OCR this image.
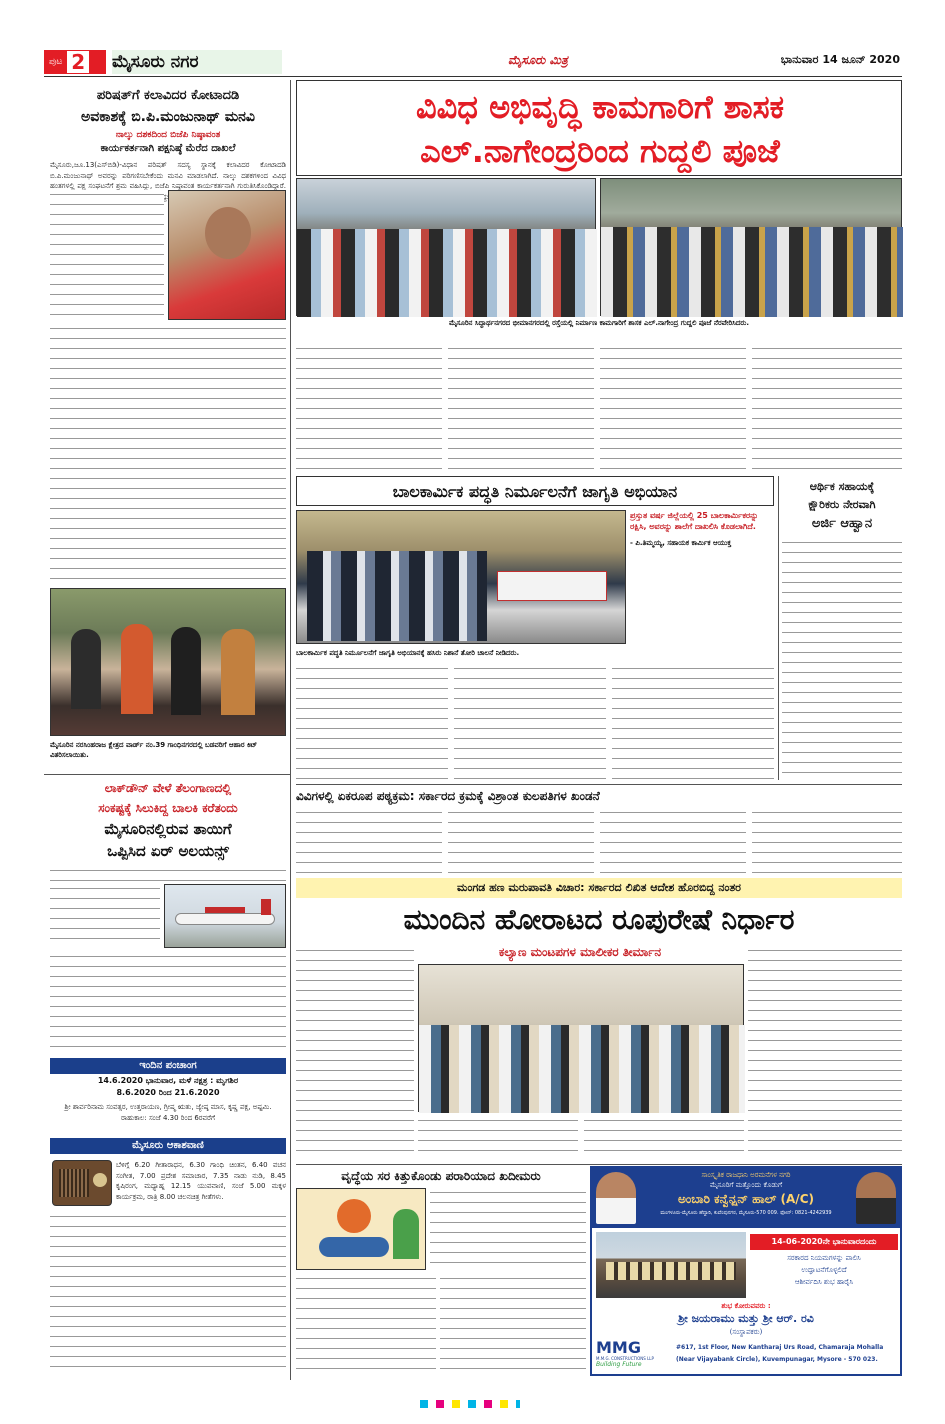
ಪುಟ 2 ಮೈಸೂರು ನಗರ	ಮೈಸೂರು ಮಿತ್ರ	ಭಾನುವಾರ 14 ಜೂನ್ 2020
ಪರಿಷತ್‌ಗೆ ಕಲಾವಿದರ ಕೋಟಾದಡಿ
ಅವಕಾಶಕ್ಕೆ ಬಿ.ಪಿ.ಮಂಜುನಾಥ್ ಮನವಿ
ನಾಲ್ಕು ದಶಕದಿಂದ ಬಿಜೆಪಿ ನಿಷ್ಠಾವಂತ
ಕಾರ್ಯಕರ್ತನಾಗಿ ಪಕ್ಷನಿಷ್ಠೆ ಮೆರೆದ ದಾಖಲೆ
ಮೈಸೂರು,ಜೂ.13(ಎಸ್‌ಬಿಡಿ)-ವಿಧಾನ ಪರಿಷತ್ ಸದಸ್ಯ ಸ್ಥಾನಕ್ಕೆ ಕಲಾವಿದರ ಕೋಟಾದಡಿ ಬಿ.ಪಿ.ಮಂಜುನಾಥ್ ಅವರನ್ನು ಪರಿಗಣಿಸಬೇಕೆಂದು ಮನವಿ ಮಾಡಲಾಗಿದೆ. ನಾಲ್ಕು ದಶಕಗಳಿಂದ ವಿವಿಧ ಹಂತಗಳಲ್ಲಿ ಪಕ್ಷ ಸಂಘಟನೆಗೆ ಶ್ರಮ ವಹಿಸಿದ್ದು, ಬಿಜೆಪಿ ನಿಷ್ಠಾವಂತ ಕಾರ್ಯಕರ್ತನಾಗಿ ಗುರುತಿಸಿಕೊಂಡಿದ್ದಾರೆ.
ಮೈಸೂರಿನ ನರಸಿಂಹರಾಜ ಕ್ಷೇತ್ರದ ವಾರ್ಡ್ ನಂ.39 ಗಾಂಧಿನಗರದಲ್ಲಿ ಬಡವರಿಗೆ ಆಹಾರ ಕಿಟ್ ವಿತರಿಸಲಾಯಿತು.
ಲಾಕ್‌ಡೌನ್ ವೇಳೆ ತೆಲಂಗಾಣದಲ್ಲಿ
ಸಂಕಷ್ಟಕ್ಕೆ ಸಿಲುಕಿದ್ದ ಬಾಲಕಿ ಕರೆತಂದು
ಮೈಸೂರಿನಲ್ಲಿರುವ ತಾಯಿಗೆ
ಒಪ್ಪಿಸಿದ ಏರ್ ಅಲಯನ್ಸ್
ಇಂದಿನ ಪಂಚಾಂಗ
14.6.2020 ಭಾನುವಾರ, ಮಳೆ ನಕ್ಷತ್ರ : ಮೃಗಶಿರ
8.6.2020 ರಿಂದ 21.6.2020
ಶ್ರೀ ಶಾರ್ವರಿನಾಮ ಸಂವತ್ಸರ, ಉತ್ತರಾಯಣ, ಗ್ರೀಷ್ಮ ಋತು, ಜ್ಯೇಷ್ಠ ಮಾಸ, ಕೃಷ್ಣ ಪಕ್ಷ, ಅಷ್ಟಮಿ. ರಾಹುಕಾಲ: ಸಂಜೆ 4.30 ರಿಂದ 6ರವರೆಗೆ
ಮೈಸೂರು ಆಕಾಶವಾಣಿ
ಬೆಳಿಗ್ಗೆ 6.20 ಗೀತಾರಾಧನ, 6.30 ಗಾಂಧಿ ಚಿಂತನ, 6.40 ವಚನ ಸಂಗೀತ, 7.00 ಪ್ರದೇಶ ಸಮಾಚಾರ, 7.35 ನಾಡು ನುಡಿ, 8.45 ಕೃಷಿರಂಗ, ಮಧ್ಯಾಹ್ನ 12.15 ಯುವವಾಣಿ, ಸಂಜೆ 5.00 ಮಕ್ಕಳ ಕಾರ್ಯಕ್ರಮ, ರಾತ್ರಿ 8.00 ಚಲನಚಿತ್ರ ಗೀತೆಗಳು.
ವಿವಿಧ ಅಭಿವೃದ್ಧಿ ಕಾಮಗಾರಿಗೆ ಶಾಸಕ
ಎಲ್.ನಾಗೇಂದ್ರರಿಂದ ಗುದ್ದಲಿ ಪೂಜೆ
ಮೈಸೂರಿನ ಸಿದ್ಧಾರ್ಥನಗರದ ಭೀಮಾನಗರದಲ್ಲಿ ರಸ್ತೆಯಲ್ಲಿ ನಿರ್ಮಾಣ ಕಾಮಗಾರಿಗೆ ಶಾಸಕ ಎಲ್.ನಾಗೇಂದ್ರ ಗುದ್ದಲಿ ಪೂಜೆ ನೆರವೇರಿಸಿದರು.
ಬಾಲಕಾರ್ಮಿಕ ಪದ್ಧತಿ ನಿರ್ಮೂಲನೆಗೆ ಜಾಗೃತಿ ಅಭಿಯಾನ
ಪ್ರಸ್ತುತ ವರ್ಷ ಜಿಲ್ಲೆಯಲ್ಲಿ 25 ಬಾಲಕಾರ್ಮಿಕರನ್ನು ರಕ್ಷಿಸಿ, ಅವರನ್ನು ಶಾಲೆಗೆ ದಾಖಲಿಸಿ ಕೊಡಲಾಗಿದೆ.
- ಪಿ.ತಿಮ್ಮಯ್ಯ, ಸಹಾಯಕ ಕಾರ್ಮಿಕ ಆಯುಕ್ತ
ಬಾಲಕಾರ್ಮಿಕ ಪದ್ಧತಿ ನಿರ್ಮೂಲನೆಗೆ ಜಾಗೃತಿ ಅಭಿಯಾನಕ್ಕೆ ಹಸಿರು ನಿಶಾನೆ ತೋರಿ ಚಾಲನೆ ನೀಡಿದರು.
ಆರ್ಥಿಕ ಸಹಾಯಕ್ಕೆ
ಕ್ಷೌರಿಕರು ನೇರವಾಗಿ
ಅರ್ಜಿ ಆಹ್ವಾನ
ವಿವಿಗಳಲ್ಲಿ ಏಕರೂಪ ಪಠ್ಯಕ್ರಮ: ಸರ್ಕಾರದ ಕ್ರಮಕ್ಕೆ ವಿಶ್ರಾಂತ ಕುಲಪತಿಗಳ ಖಂಡನೆ
ಮಂಗಡ ಹಣ ಮರುಪಾವತಿ ವಿಚಾರ: ಸರ್ಕಾರದ ಲಿಖಿತ ಆದೇಶ ಹೊರಬಿದ್ದ ನಂತರ
ಮುಂದಿನ ಹೋರಾಟದ ರೂಪುರೇಷೆ ನಿರ್ಧಾರ
ಕಲ್ಯಾಣ ಮಂಟಪಗಳ ಮಾಲೀಕರ ತೀರ್ಮಾನ
ವೃದ್ಧೆಯ ಸರ ಕಿತ್ತುಕೊಂಡು ಪರಾರಿಯಾದ ಖದೀಮರು	ಸಾಂಸ್ಕೃತಿಕ ರಾಜಧಾನಿ ಅರಮನೆಗಳ ನಗರಿ
ಮೈಸೂರಿಗೆ ಮತ್ತೊಂದು ಕೊಡುಗೆ
ಅಂಬಾರಿ ಕನ್ವೆನ್ಷನ್ ಹಾಲ್ (A/C)
ಮಂಗಳೂರು-ಮೈಸೂರು ಹೆದ್ದಾರಿ, ಕುವೆಂಪುನಗರ, ಮೈಸೂರು-570 009. ಫೋನ್: 0821-4242939
14-06-2020ನೇ ಭಾನುವಾರದಂದು
ಸರಕಾರದ ನಿಯಮಗಳನ್ನು ಪಾಲಿಸಿ
ಉದ್ಘಾಟನೆಗೊಳ್ಳಲಿದೆ
ಆಶೀರ್ವದಿಸಿ ಶುಭ ಹಾರೈಸಿ
ಶುಭ ಕೋರುವವರು :
ಶ್ರೀ ಜಯರಾಮು ಮತ್ತು ಶ್ರೀ ಆರ್. ರವಿ
(ಸಂಸ್ಥಾಪಕರು)
MMG
M.M.G. CONSTRUCTIONS LLP
Building Future
#617, 1st Floor, New Kantharaj Urs Road, Chamaraja Mohalla
(Near Vijayabank Circle), Kuvempunagar, Mysore - 570 023.
